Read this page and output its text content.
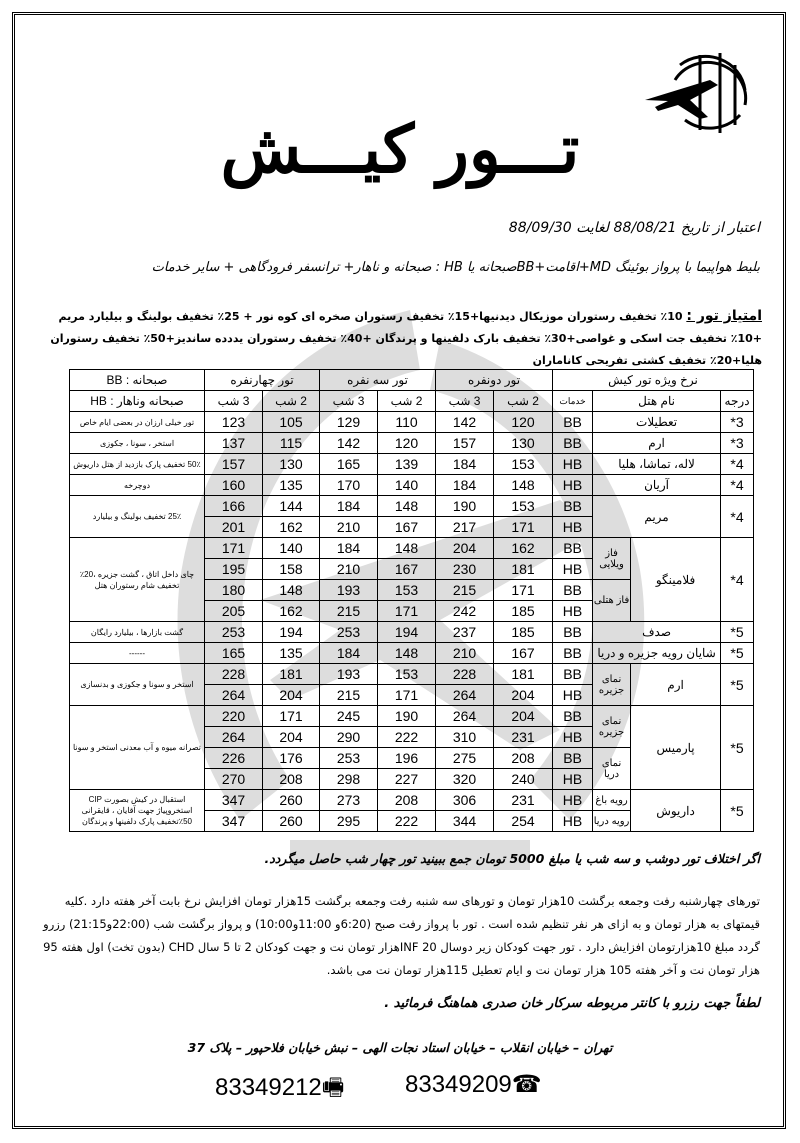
تـــور کیـــش
اعتبار از تاریخ 88/08/21 لغایت 88/09/30
بلیط هواپیما با پرواز بوئینگ MD+اقامت+BBصبحانه یا HB : صبحانه و ناهار+ ترانسفر فرودگاهی + سایر خدمات
امتیاز تور : 10٪ تخفیف رستوران موزیکال دیدنیها+15٪ تخفیف رستوران صخره ای کوه نور + 25٪ تخفیف بولینگ و بیلیارد مریم +10٪ تخفیف جت اسکی و غواصی+30٪ تخفیف بارک دلفینها و پرندگان +40٪ تخفیف رستوران یددده ساندیز+50٪ تخفیف رستوران هلیا+20٪ تخفیف کشتی تفریحی کاناماران
نرخ ویژه تور کیش				تور دونفره		تور سه نفره		تور چهارنفره		صبحانه : BB
درجه	نام هتل		خدمات	2 شب	3 شب	2 شب	3 شب	2 شب	3 شب	صبحانه وناهار : HB
3*	تعطیلات		BB	120	142	110	129	105	123	تور خیلی ارزان در بعضی ایام خاص
3*	ارم		BB	130	157	120	142	115	137	استخر ، سونا ، جکوزی
4*	لاله، تماشا، هلیا		HB	153	184	139	165	130	157	50٪ تخفیف پارک بازدید از هتل داریوش
4*	آریان		HB	148	184	140	170	135	160	دوچرخه
4*	مریم		BB	153	190	148	184	144	166	25٪ تخفیف بولینگ و بیلیارد
			HB	171	217	167	210	162	201	
4*	فلامینگو	فاز ویلایی	BB	162	204	148	184	140	171	چای داخل اتاق ، گشت جزیره ،20٪ تخفیف شام رستوران هتل
			HB	181	230	167	210	158	195	
		فاز هتلی	BB	171	215	153	193	148	180	
			HB	185	242	171	215	162	205	
5*	صدف		BB	185	237	194	253	194	253	گشت بازارها ، بیلیارد رایگان
5*	شایان رویه جزیره و دریا		BB	167	210	148	184	135	165	------
5*	ارم	نمای جزیره	BB	181	228	153	193	181	228	استخر و سونا و جکوزی و بدنسازی
			HB	204	264	171	215	204	264	
5*	پارمیس	نمای جزیره	BB	204	264	190	245	171	220	تصرانه میوه و آب معدنی استخر و سونا
			HB	231	310	222	290	204	264	
		نمای دریا	BB	208	275	196	253	176	226	
			HB	240	320	227	298	208	270	
5*	داریوش	رویه باغ	HB	231	306	208	273	260	347	استقبال در کیش بصورت CIP استخروپیاژ جهت آقایان ، قایقرانی 50٪تخفیف پارک دلفینها و پرندگان
		رویه دریا	HB	254	344	222	295	260	347	
اگر اختلاف تور دوشب و سه شب یا مبلغ 5000 تومان جمع ببینید تور چهار شب حاصل میگردد.
تورهای چهارشنبه رفت وجمعه برگشت 10هزار تومان و تورهای سه شنبه رفت وجمعه برگشت 15هزار تومان افزایش نرخ بابت آخر هفته دارد .کلیه قیمتهای به هزار تومان و به ازای هر نفر تنظیم شده است . تور با پرواز رفت صبح (6:20و 11:00و10:00) و پرواز برگشت شب (22:00و21:15) رزرو گردد مبلغ 10هزارتومان افزایش دارد . تور جهت کودکان زیر دوسال 20 INFهزار تومان نت و جهت کودکان 2 تا 5 سال CHD (بدون تخت) اول هفته 95 هزار تومان نت و آخر هفته 105 هزار تومان نت و ایام تعطیل 115هزار تومان نت می باشد.
لطفاً جهت رزرو با کانتر مربوطه سرکار خان صدری هماهنگ فرمائید .
تهران – خیابان انقلاب – خیابان استاد نجات الهی – نبش خیابان فلاحپور – پلاک 37
83349209☎
83349212🖷
